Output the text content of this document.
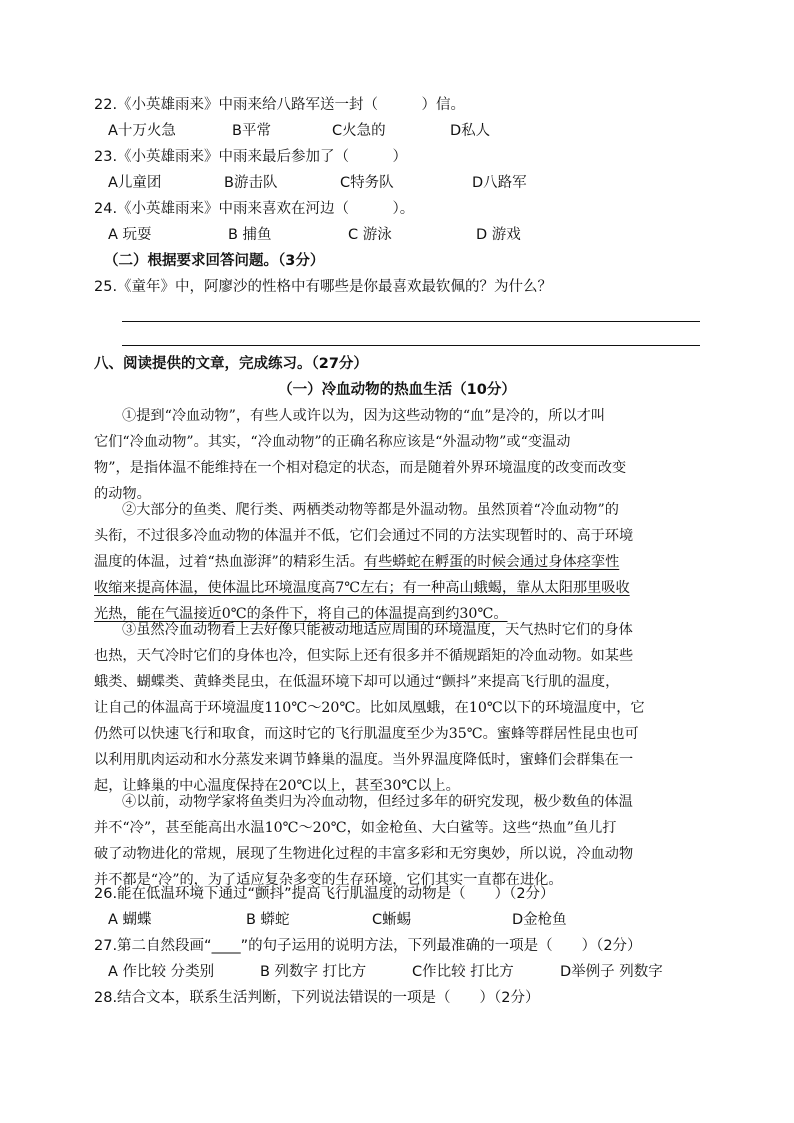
22.《小英雄雨来》中雨来给八路军送一封（　　　）信。
A十万火急	B平常	C火急的	D私人
23.《小英雄雨来》中雨来最后参加了（　　　）
A儿童团	B游击队	C特务队	D八路军
24.《小英雄雨来》中雨来喜欢在河边（　　　）。
A 玩耍	B 捕鱼	C 游泳	D 游戏
（二）根据要求回答问题。（3分）
25.《童年》中，阿廖沙的性格中有哪些是你最喜欢最钦佩的？为什么？
八、阅读提供的文章，完成练习。（27分）
（一）冷血动物的热血生活（10分）
①提到“冷血动物”，有些人或许以为，因为这些动物的“血”是冷的，所以才叫
它们“冷血动物”。其实，“冷血动物”的正确名称应该是“外温动物”或“变温动
物”，是指体温不能维持在一个相对稳定的状态，而是随着外界环境温度的改变而改变
的动物。
②大部分的鱼类、爬行类、两栖类动物等都是外温动物。虽然顶着“冷血动物”的
头衔，不过很多冷血动物的体温并不低，它们会通过不同的方法实现暂时的、高于环境
温度的体温，过着“热血澎湃”的精彩生活。有些蟒蛇在孵蛋的时候会通过身体痉挛性
收缩来提高体温，使体温比环境温度高7℃左右；有一种高山蛾蝎，靠从太阳那里吸收
光热，能在气温接近0℃的条件下，将自己的体温提高到约30℃。
③虽然冷血动物看上去好像只能被动地适应周围的环境温度，天气热时它们的身体
也热，天气冷时它们的身体也冷，但实际上还有很多并不循规蹈矩的冷血动物。如某些
蛾类、蝴蝶类、黄蜂类昆虫，在低温环境下却可以通过“颤抖”来提高飞行肌的温度，
让自己的体温高于环境温度110℃～20℃。比如凤凰蛾，在10℃以下的环境温度中，它
仍然可以快速飞行和取食，而这时它的飞行肌温度至少为35℃。蜜蜂等群居性昆虫也可
以利用肌肉运动和水分蒸发来调节蜂巢的温度。当外界温度降低时，蜜蜂们会群集在一
起，让蜂巢的中心温度保持在20℃以上，甚至30℃以上。
④以前，动物学家将鱼类归为冷血动物，但经过多年的研究发现，极少数鱼的体温
并不“冷”，甚至能高出水温10℃～20℃，如金枪鱼、大白鲨等。这些“热血”鱼儿打
破了动物进化的常规，展现了生物进化过程的丰富多彩和无穷奥妙，所以说，冷血动物
并不都是“冷”的，为了适应复杂多变的生存环境，它们其实一直都在进化。
26.能在低温环境下通过“颤抖”提高飞行肌温度的动物是（　　）（2分）
A 蝴蝶	B 蟒蛇	C蜥蜴	D金枪鱼
27.第二自然段画“____”的句子运用的说明方法，下列最准确的一项是（　　）（2分）
A 作比较 分类别	B 列数字 打比方	C作比较 打比方	D举例子 列数字
28.结合文本，联系生活判断，下列说法错误的一项是（　　）（2分）
